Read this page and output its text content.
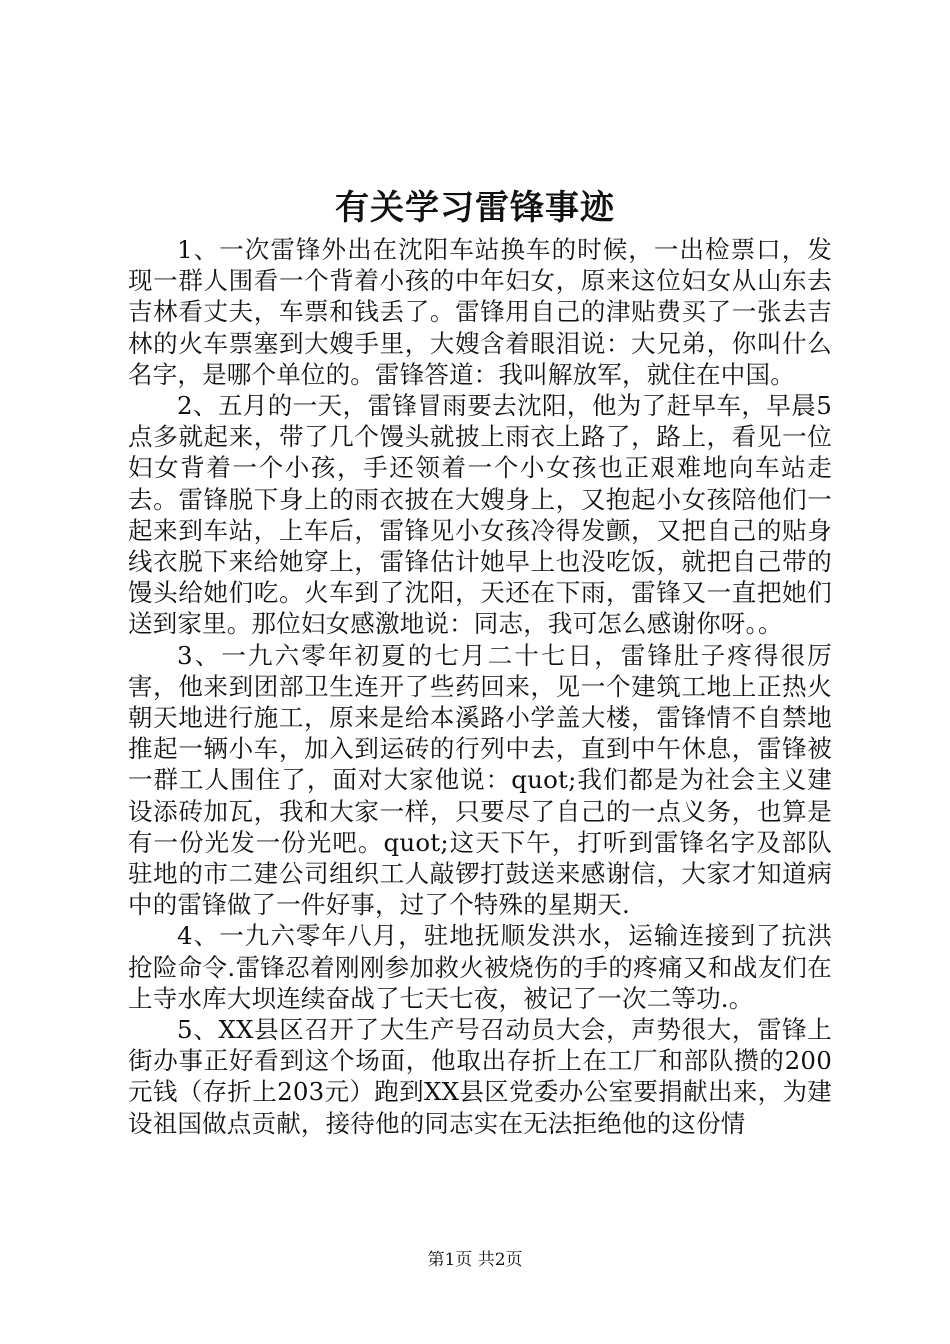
有关学习雷锋事迹

1、一次雷锋外出在沈阳车站换车的时候，一出检票口，发现一群人围看一个背着小孩的中年妇女，原来这位妇女从山东去吉林看丈夫，车票和钱丢了。雷锋用自己的津贴费买了一张去吉林的火车票塞到大嫂手里，大嫂含着眼泪说：大兄弟，你叫什么名字，是哪个单位的。雷锋答道：我叫解放军，就住在中国。

2、五月的一天，雷锋冒雨要去沈阳，他为了赶早车，早晨5点多就起来，带了几个馒头就披上雨衣上路了，路上，看见一位妇女背着一个小孩，手还领着一个小女孩也正艰难地向车站走去。雷锋脱下身上的雨衣披在大嫂身上，又抱起小女孩陪他们一起来到车站，上车后，雷锋见小女孩冷得发颤，又把自己的贴身线衣脱下来给她穿上，雷锋估计她早上也没吃饭，就把自己带的馒头给她们吃。火车到了沈阳，天还在下雨，雷锋又一直把她们送到家里。那位妇女感激地说：同志，我可怎么感谢你呀。。

3、一九六零年初夏的七月二十七日，雷锋肚子疼得很厉害，他来到团部卫生连开了些药回来，见一个建筑工地上正热火朝天地进行施工，原来是给本溪路小学盖大楼，雷锋情不自禁地推起一辆小车，加入到运砖的行列中去，直到中午休息，雷锋被一群工人围住了，面对大家他说：quot;我们都是为社会主义建设添砖加瓦，我和大家一样，只要尽了自己的一点义务，也算是有一份光发一份光吧。quot;这天下午，打听到雷锋名字及部队驻地的市二建公司组织工人敲锣打鼓送来感谢信，大家才知道病中的雷锋做了一件好事，过了个特殊的星期天.

4、一九六零年八月，驻地抚顺发洪水，运输连接到了抗洪抢险命令.雷锋忍着刚刚参加救火被烧伤的手的疼痛又和战友们在上寺水库大坝连续奋战了七天七夜，被记了一次二等功.。

5、XX县区召开了大生产号召动员大会，声势很大，雷锋上街办事正好看到这个场面，他取出存折上在工厂和部队攒的200元钱（存折上203元）跑到XX县区党委办公室要捐献出来，为建设祖国做点贡献，接待他的同志实在无法拒绝他的这份情

第1页 共2页
